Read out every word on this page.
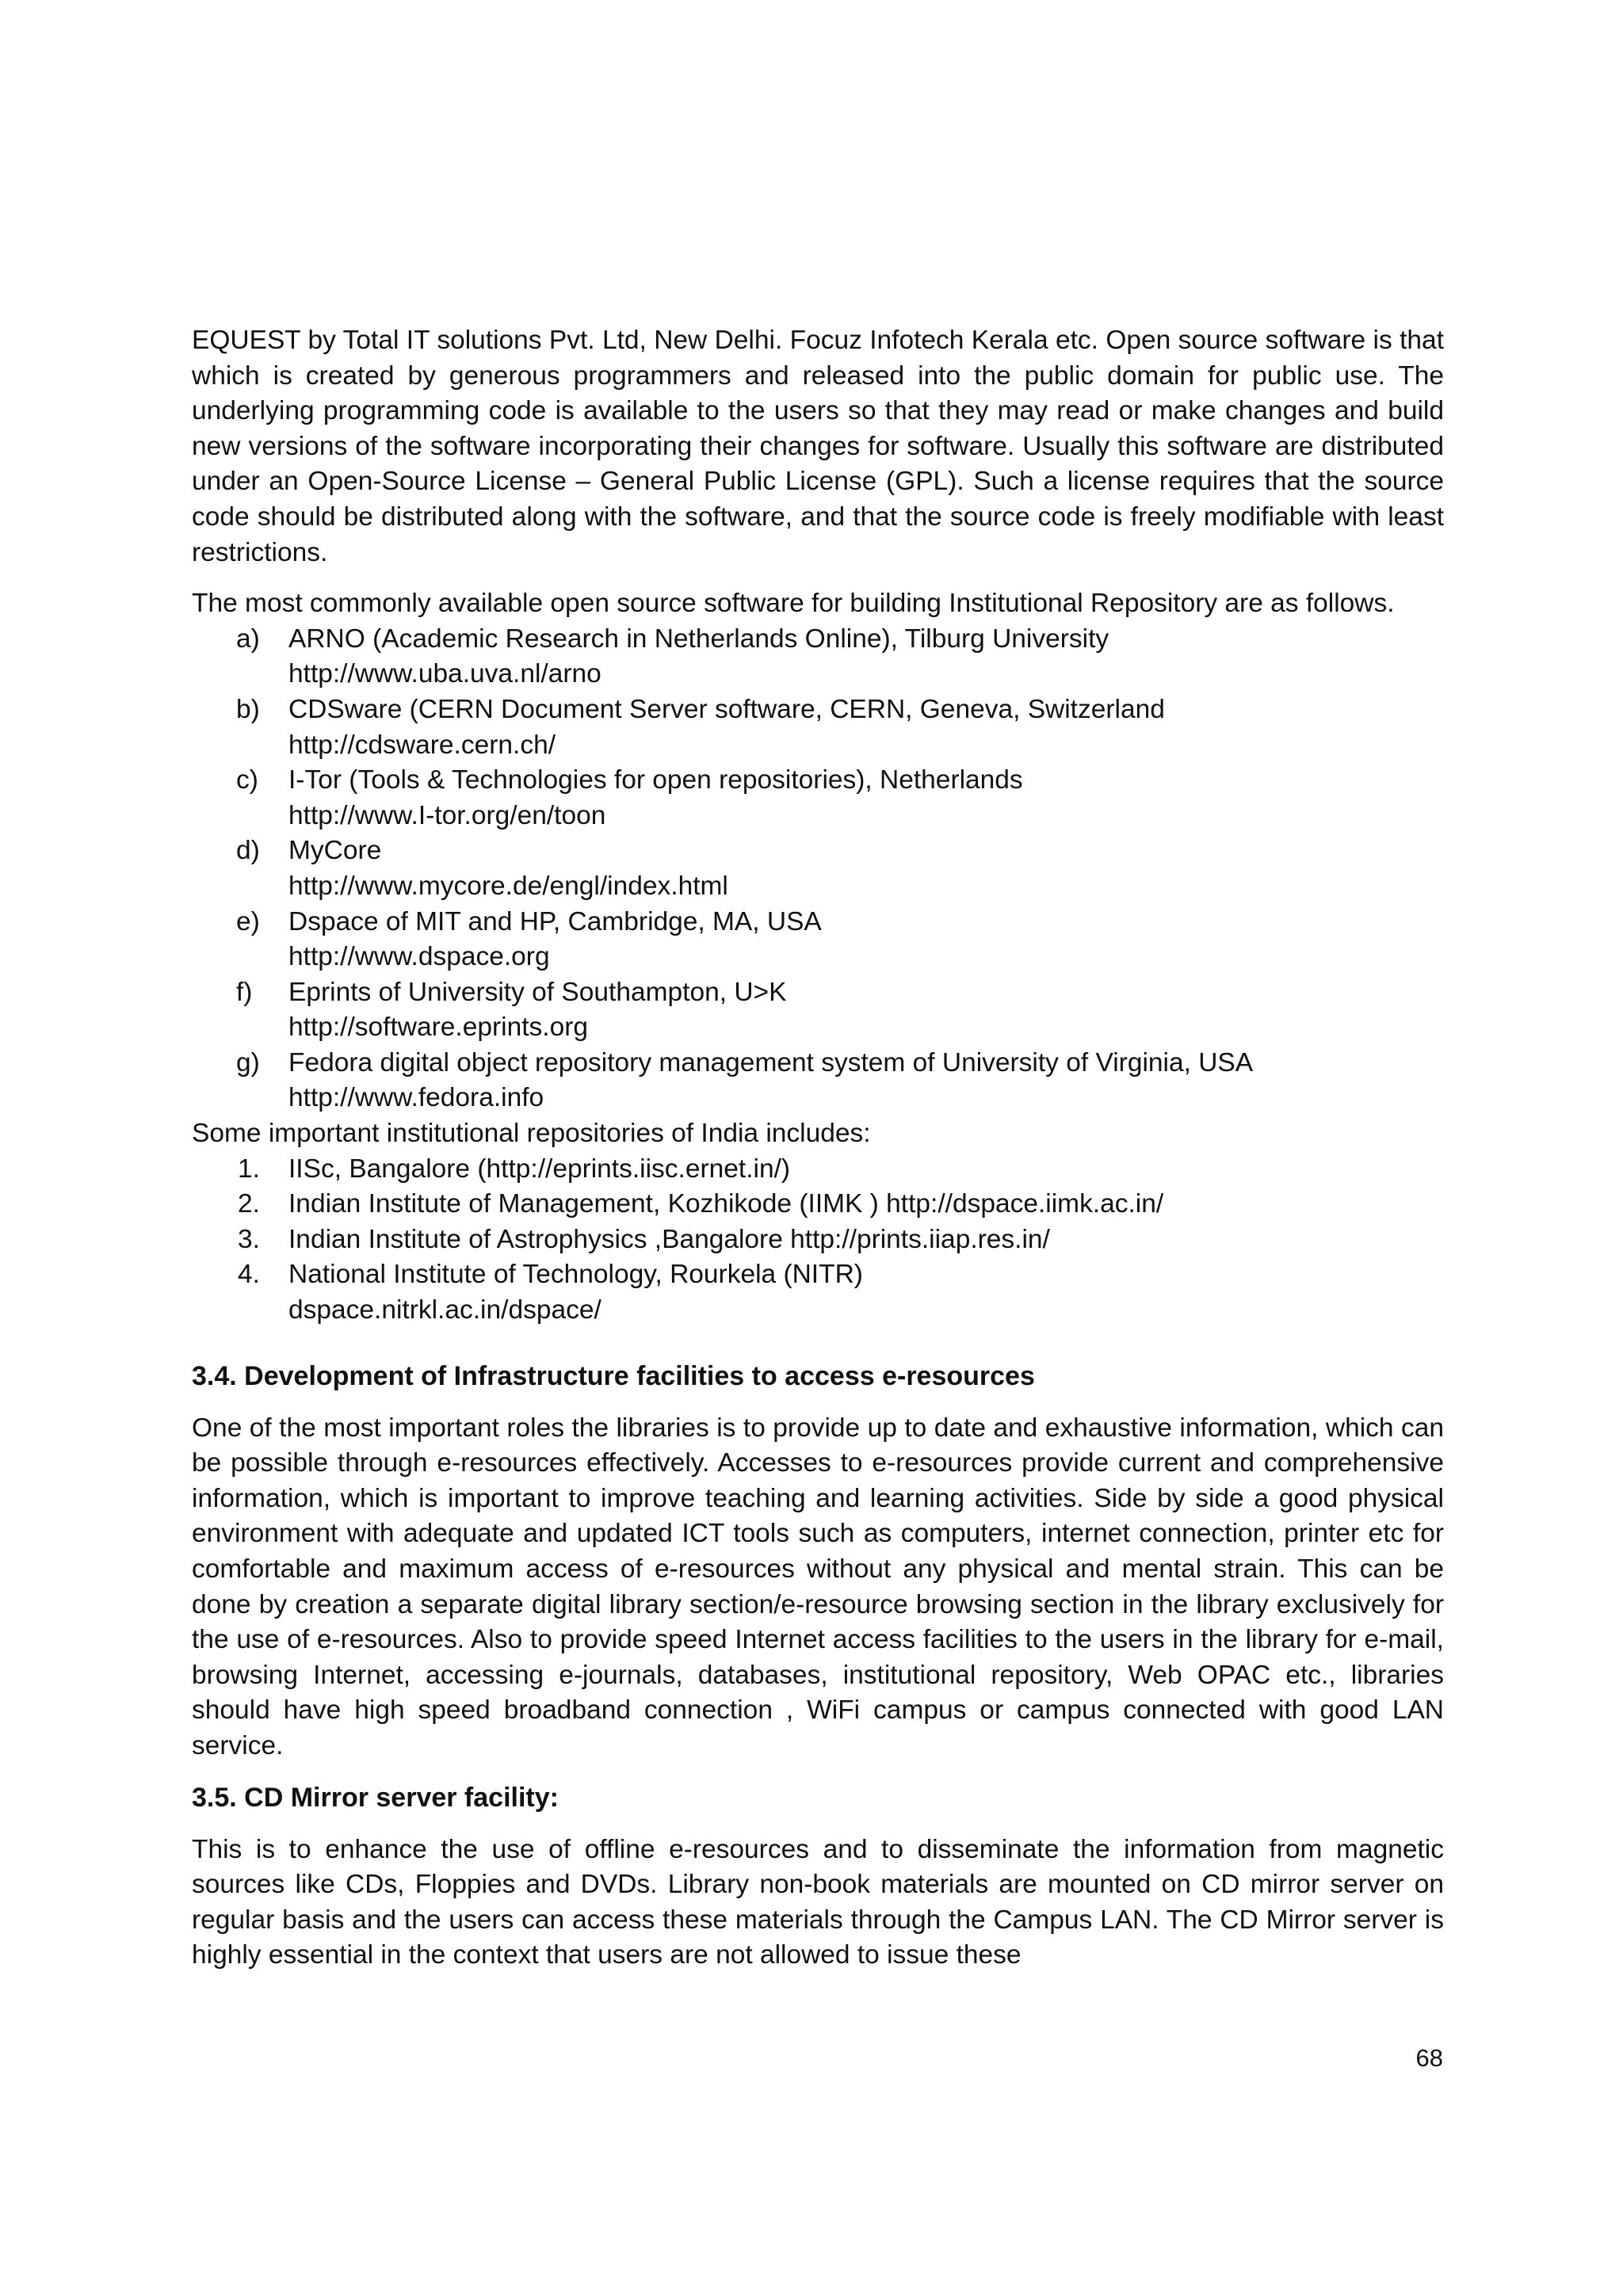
EQUEST by Total IT solutions Pvt. Ltd, New Delhi. Focuz Infotech Kerala etc. Open source software is that which is created by generous programmers and released into the public domain for public use. The underlying programming code is available to the users so that they may read or make changes and build new versions of the software incorporating their changes for software. Usually this software are distributed under an Open-Source License – General Public License (GPL). Such a license requires that the source code should be distributed along with the software, and that the source code is freely modifiable with least restrictions.

The most commonly available open source software for building Institutional Repository are as follows.

a) ARNO (Academic Research in Netherlands Online), Tilburg University
http://www.uba.uva.nl/arno
b) CDSware (CERN Document Server software, CERN, Geneva, Switzerland
http://cdsware.cern.ch/
c) I-Tor (Tools & Technologies for open repositories), Netherlands
http://www.I-tor.org/en/toon
d) MyCore
http://www.mycore.de/engl/index.html
e) Dspace of MIT and HP, Cambridge, MA, USA
http://www.dspace.org
f) Eprints of University of Southampton, U>K
http://software.eprints.org
g) Fedora digital object repository management system of University of Virginia, USA
http://www.fedora.info

Some important institutional repositories of India includes:

1. IISc, Bangalore (http://eprints.iisc.ernet.in/)
2. Indian Institute of Management, Kozhikode (IIMK ) http://dspace.iimk.ac.in/
3. Indian Institute of Astrophysics ,Bangalore http://prints.iiap.res.in/
4. National Institute of Technology, Rourkela (NITR)
dspace.nitrkl.ac.in/dspace/
3.4. Development of Infrastructure facilities to access e-resources

One of the most important roles the libraries is to provide up to date and exhaustive information, which can be possible through e-resources effectively. Accesses to e-resources provide current and comprehensive information, which is important to improve teaching and learning activities. Side by side a good physical environment with adequate and updated ICT tools such as computers, internet connection, printer etc for comfortable and maximum access of e-resources without any physical and mental strain. This can be done by creation a separate digital library section/e-resource browsing section in the library exclusively for the use of e-resources. Also to provide speed Internet access facilities to the users in the library for e-mail, browsing Internet, accessing e-journals, databases, institutional repository, Web OPAC etc., libraries should have high speed broadband connection , WiFi campus or campus connected with good LAN service.

3.5. CD Mirror server facility:

This is to enhance the use of offline e-resources and to disseminate the information from magnetic sources like CDs, Floppies and DVDs. Library non-book materials are mounted on CD mirror server on regular basis and the users can access these materials through the Campus LAN. The CD Mirror server is highly essential in the context that users are not allowed to issue these

68
